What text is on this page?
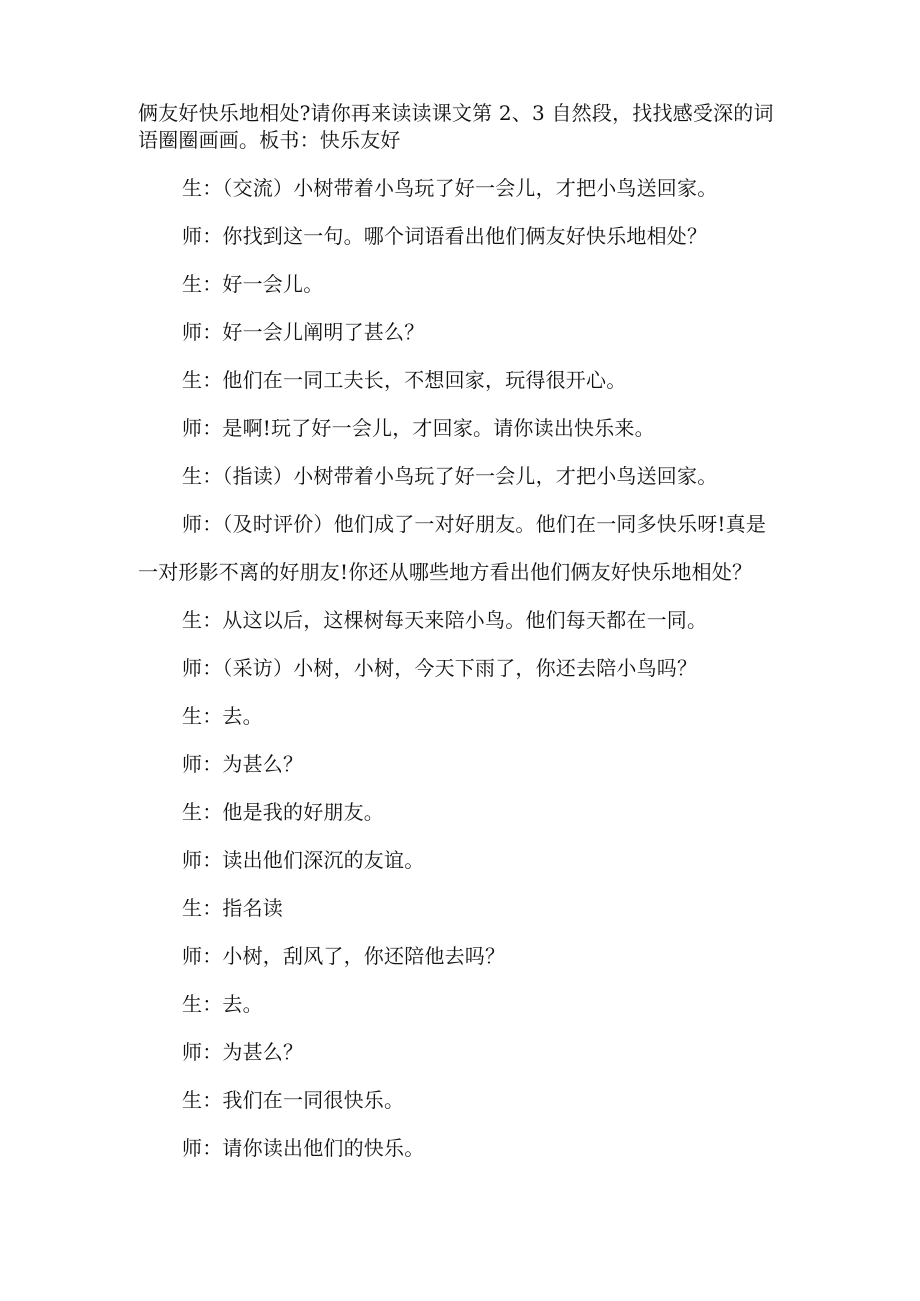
俩友好快乐地相处?请你再来读读课文第 2、3 自然段，找找感受深的词语圈圈画画。板书：快乐友好
生：（交流）小树带着小鸟玩了好一会儿，才把小鸟送回家。
师：你找到这一句。哪个词语看出他们俩友好快乐地相处？
生：好一会儿。
师：好一会儿阐明了甚么？
生：他们在一同工夫长，不想回家，玩得很开心。
师：是啊!玩了好一会儿，才回家。请你读出快乐来。
生：（指读）小树带着小鸟玩了好一会儿，才把小鸟送回家。
师：（及时评价）他们成了一对好朋友。他们在一同多快乐呀!真是
一对形影不离的好朋友!你还从哪些地方看出他们俩友好快乐地相处？
生：从这以后，这棵树每天来陪小鸟。他们每天都在一同。
师：（采访）小树，小树，今天下雨了，你还去陪小鸟吗？
生：去。
师：为甚么？
生：他是我的好朋友。
师：读出他们深沉的友谊。
生：指名读
师：小树，刮风了，你还陪他去吗？
生：去。
师：为甚么？
生：我们在一同很快乐。
师：请你读出他们的快乐。
